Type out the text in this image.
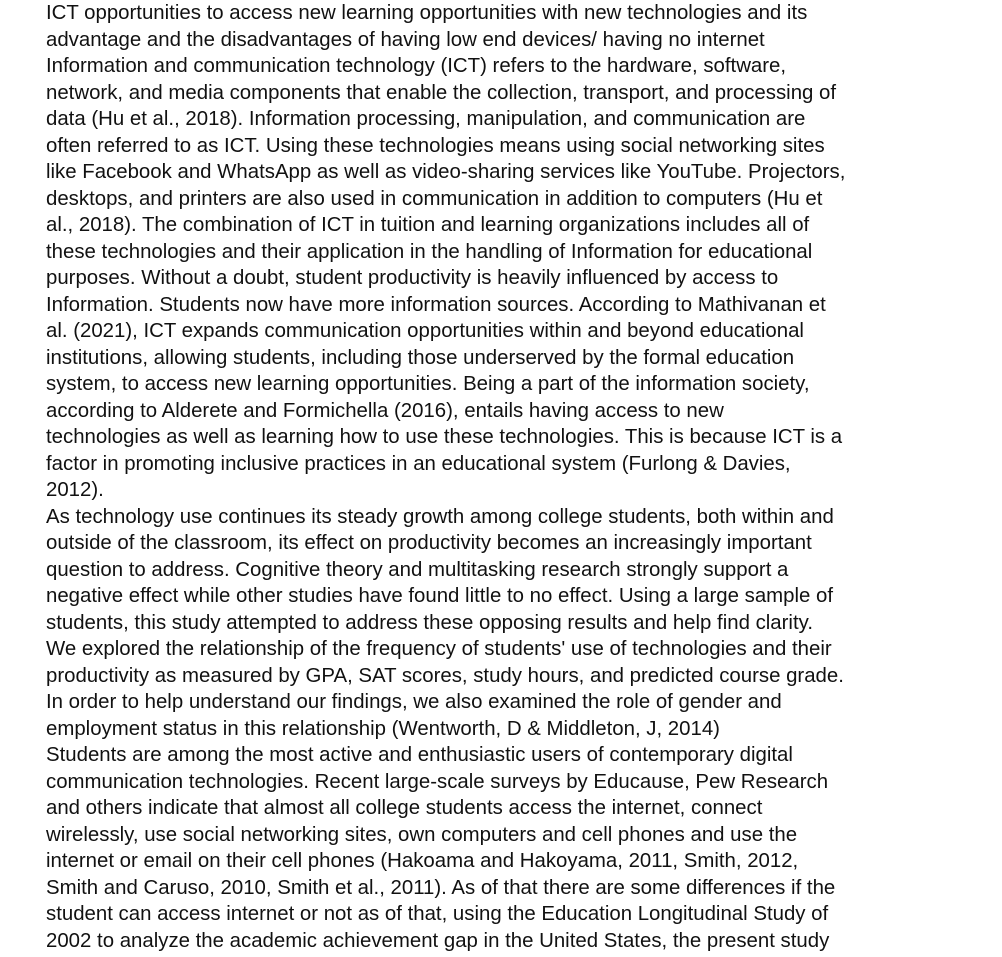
ICT opportunities to access new learning opportunities with new technologies and its
advantage and the disadvantages of having low end devices/ having no internet
Information and communication technology (ICT) refers to the hardware, software,
network, and media components that enable the collection, transport, and processing of
data (Hu et al., 2018). Information processing, manipulation, and communication are
often referred to as ICT. Using these technologies means using social networking sites
like Facebook and WhatsApp as well as video-sharing services like YouTube. Projectors,
desktops, and printers are also used in communication in addition to computers (Hu et
al., 2018). The combination of ICT in tuition and learning organizations includes all of
these technologies and their application in the handling of Information for educational
purposes. Without a doubt, student productivity is heavily influenced by access to
Information. Students now have more information sources. According to Mathivanan et
al. (2021), ICT expands communication opportunities within and beyond educational
institutions, allowing students, including those underserved by the formal education
system, to access new learning opportunities. Being a part of the information society,
according to Alderete and Formichella (2016), entails having access to new
technologies as well as learning how to use these technologies. This is because ICT is a
factor in promoting inclusive practices in an educational system (Furlong & Davies,
2012).
As technology use continues its steady growth among college students, both within and
outside of the classroom, its effect on productivity becomes an increasingly important
question to address. Cognitive theory and multitasking research strongly support a
negative effect while other studies have found little to no effect. Using a large sample of
students, this study attempted to address these opposing results and help find clarity.
We explored the relationship of the frequency of students' use of technologies and their
productivity as measured by GPA, SAT scores, study hours, and predicted course grade.
In order to help understand our findings, we also examined the role of gender and
employment status in this relationship (Wentworth, D & Middleton, J, 2014)
Students are among the most active and enthusiastic users of contemporary digital
communication technologies. Recent large-scale surveys by Educause, Pew Research
and others indicate that almost all college students access the internet, connect
wirelessly, use social networking sites, own computers and cell phones and use the
internet or email on their cell phones (Hakoama and Hakoyama, 2011, Smith, 2012,
Smith and Caruso, 2010, Smith et al., 2011). As of that there are some differences if the
student can access internet or not as of that, using the Education Longitudinal Study of
2002 to analyze the academic achievement gap in the United States, the present study
